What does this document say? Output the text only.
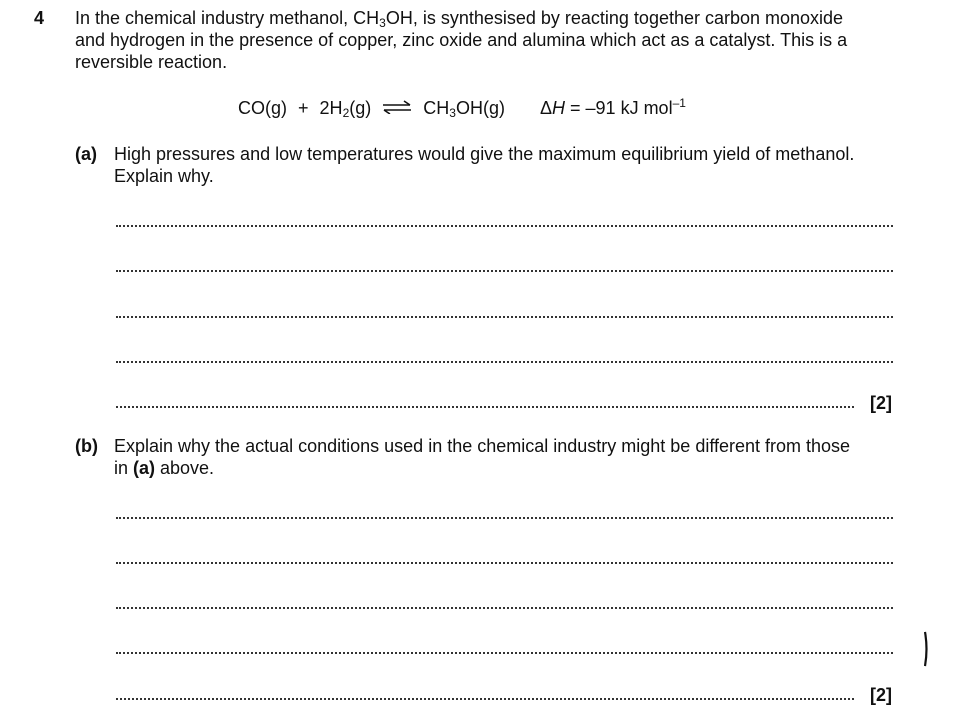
4 In the chemical industry methanol, $CH_3OH$, is synthesised by reacting together carbon monoxide

and hydrogen in the presence of copper, zinc oxide and alumina which act as a catalyst. This is a

reversible reaction.

$CO(g) + 2H_2(g)$ ⇌ $CH_3OH(g) \Delta H = -91$ kJ mol$^{-1}$
(a) High pressures and low temperatures would give the maximum equilibrium yield of methanol.

Explain why.

[2]
(b) Explain why the actual conditions used in the chemical industry might be different from those

in (a) above.

[2]
